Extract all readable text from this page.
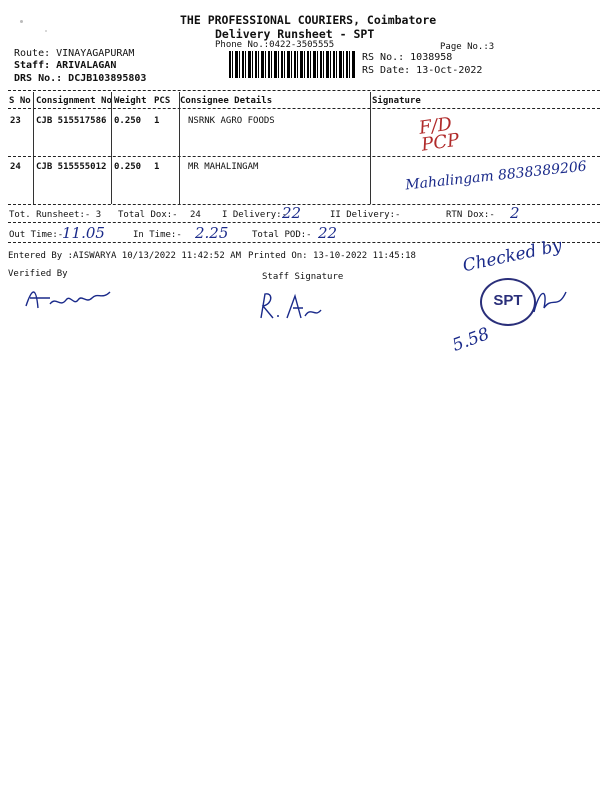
THE PROFESSIONAL COURIERS, Coimbatore
Delivery Runsheet - SPT
Phone No.:0422-3505555	Page No.:3
Route: VINAYAGAPURAM
Staff: ARIVALAGAN
DRS No.: DCJB103895803
RS No.: 1038958
RS Date: 13-Oct-2022
S No Consignment No Weight PCS Consignee Details	Signature
23 CJB 515517586 0.250 1	NSRNK AGRO FOODS	F/D PCP
24 CJB 515555012 0.250 1	MR MAHALINGAM	Mahalingam 8838389206
Tot. Runsheet:- 3 Total Dox:- 24 I Delivery:-
22	II Delivery:-	RTN Dox:- 2
Out Time:-
11.05	In Time:- 2.25	Total POD:- 22
Entered By :AISWARYA 10/13/2022 11:42:52 AM Printed On: 13-10-2022 11:45:18
Verified By	Staff Signature
Checked by
SPT
5.58
